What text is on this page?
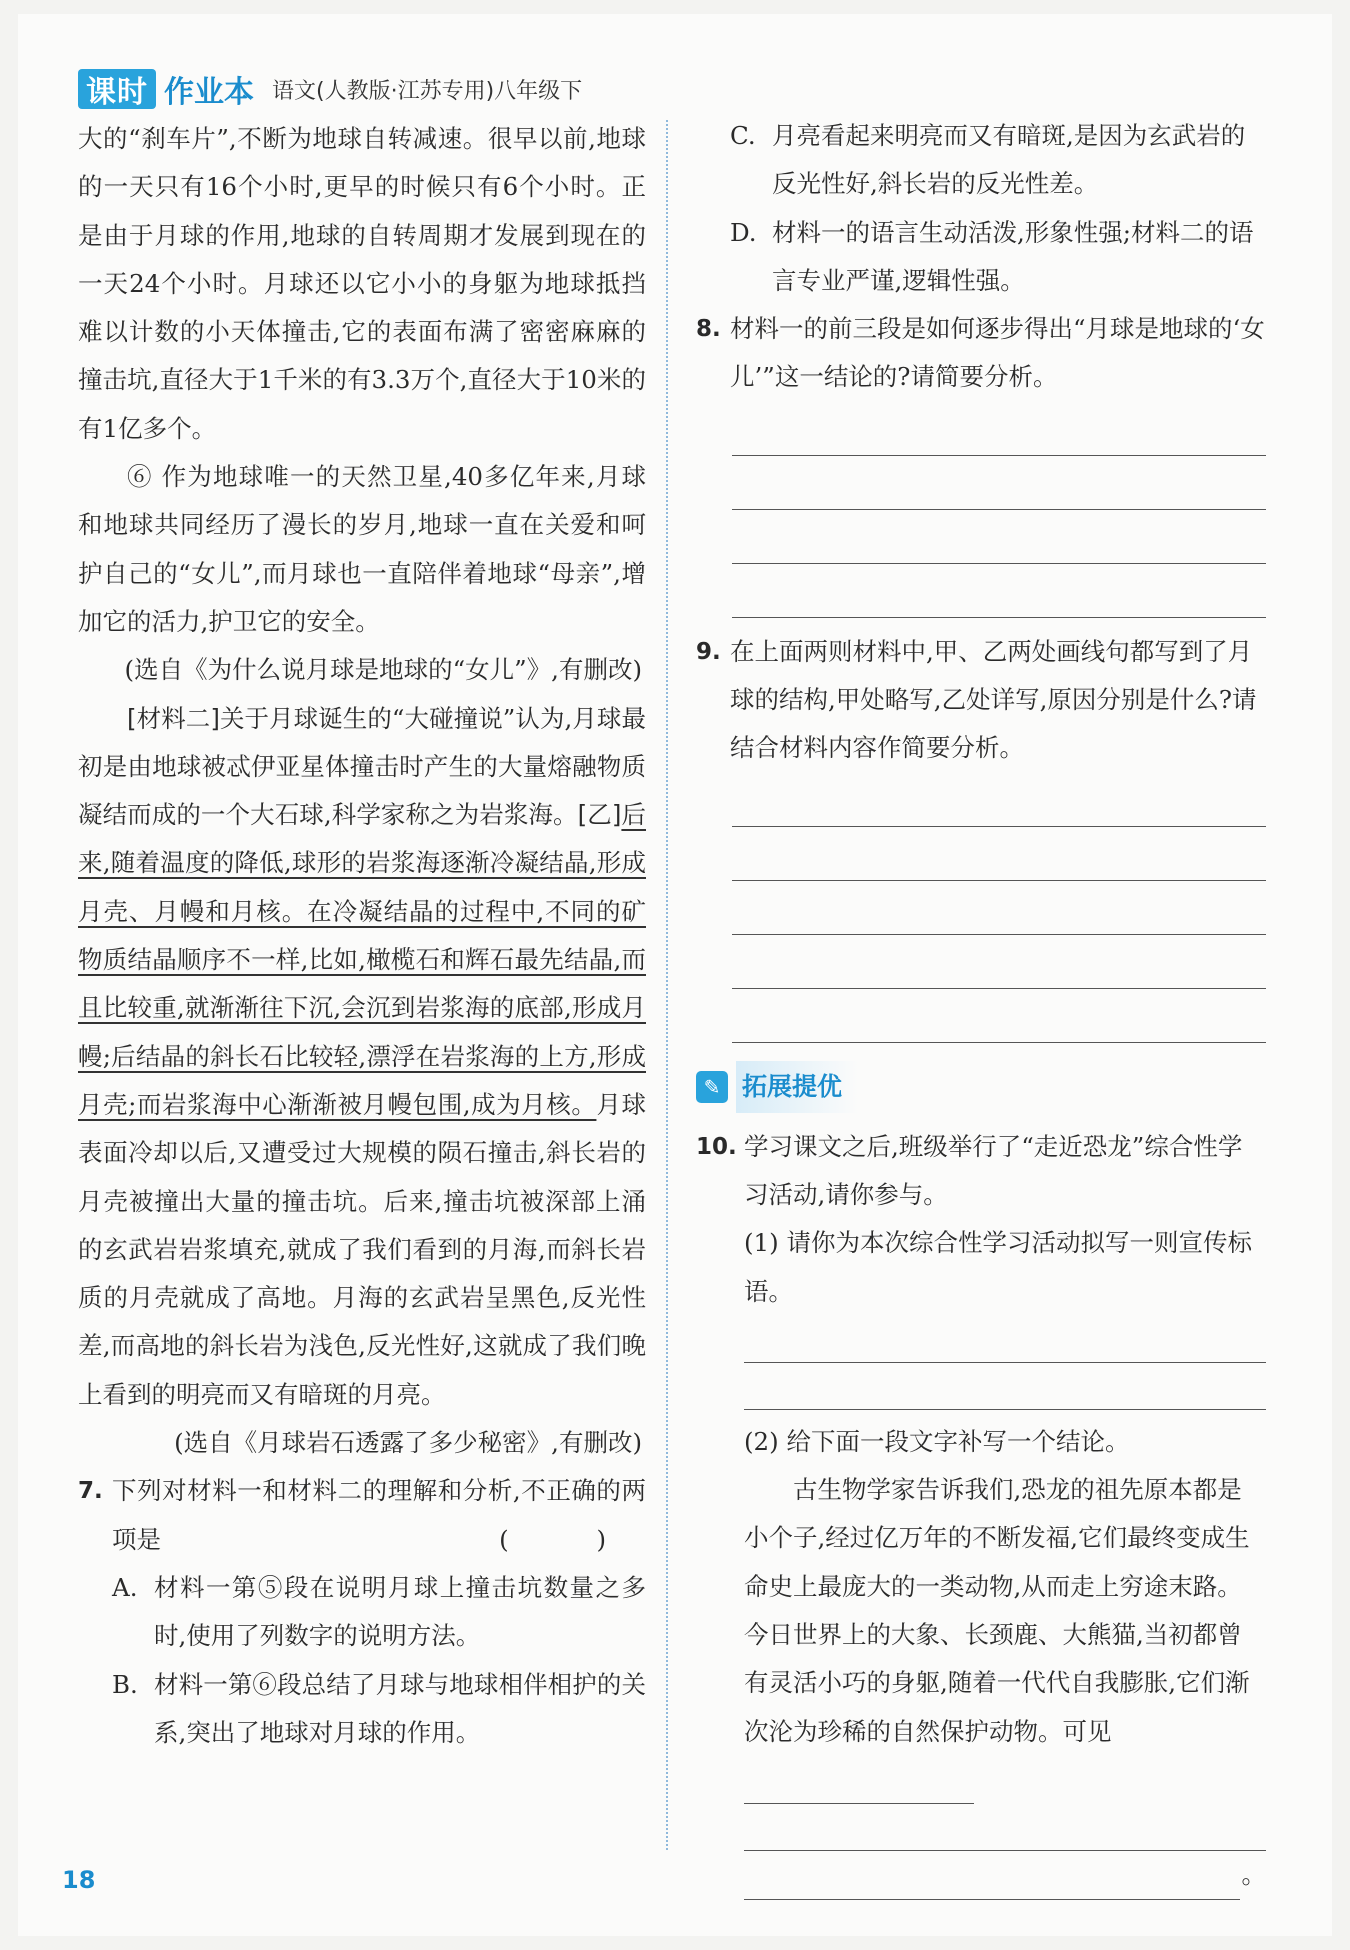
课时 作业本 语文(人教版·江苏专用)八年级下

大的“刹车片”,不断为地球自转减速。很早以前,地球的一天只有16个小时,更早的时候只有6个小时。正是由于月球的作用,地球的自转周期才发展到现在的一天24个小时。月球还以它小小的身躯为地球抵挡难以计数的小天体撞击,它的表面布满了密密麻麻的撞击坑,直径大于1千米的有3.3万个,直径大于10米的有1亿多个。

⑥ 作为地球唯一的天然卫星,40多亿年来,月球和地球共同经历了漫长的岁月,地球一直在关爱和呵护自己的“女儿”,而月球也一直陪伴着地球“母亲”,增加它的活力,护卫它的安全。

(选自《为什么说月球是地球的“女儿”》,有删改)

[材料二]关于月球诞生的“大碰撞说”认为,月球最初是由地球被忒伊亚星体撞击时产生的大量熔融物质凝结而成的一个大石球,科学家称之为岩浆海。[乙]后来,随着温度的降低,球形的岩浆海逐渐冷凝结晶,形成月壳、月幔和月核。在冷凝结晶的过程中,不同的矿物质结晶顺序不一样,比如,橄榄石和辉石最先结晶,而且比较重,就渐渐往下沉,会沉到岩浆海的底部,形成月幔;后结晶的斜长石比较轻,漂浮在岩浆海的上方,形成月壳;而岩浆海中心渐渐被月幔包围,成为月核。月球表面冷却以后,又遭受过大规模的陨石撞击,斜长岩的月壳被撞出大量的撞击坑。后来,撞击坑被深部上涌的玄武岩岩浆填充,就成了我们看到的月海,而斜长岩质的月壳就成了高地。月海的玄武岩呈黑色,反光性差,而高地的斜长岩为浅色,反光性好,这就成了我们晚上看到的明亮而又有暗斑的月亮。

(选自《月球岩石透露了多少秘密》,有删改)

7. 下列对材料一和材料二的理解和分析,不正确的两项是	( )
A. 材料一第⑤段在说明月球上撞击坑数量之多时,使用了列数字的说明方法。
B. 材料一第⑥段总结了月球与地球相伴相护的关系,突出了地球对月球的作用。
C. 月亮看起来明亮而又有暗斑,是因为玄武岩的反光性好,斜长岩的反光性差。
D. 材料一的语言生动活泼,形象性强;材料二的语言专业严谨,逻辑性强。
8. 材料一的前三段是如何逐步得出“月球是地球的‘女儿’”这一结论的?请简要分析。
9. 在上面两则材料中,甲、乙两处画线句都写到了月球的结构,甲处略写,乙处详写,原因分别是什么?请结合材料内容作简要分析。
✎ 拓展提优
10. 学习课文之后,班级举行了“走近恐龙”综合性学习活动,请你参与。
(1) 请你为本次综合性学习活动拟写一则宣传标语。
(2) 给下面一段文字补写一个结论。
古生物学家告诉我们,恐龙的祖先原本都是小个子,经过亿万年的不断发福,它们最终变成生命史上最庞大的一类动物,从而走上穷途末路。今日世界上的大象、长颈鹿、大熊猫,当初都曾有灵活小巧的身躯,随着一代代自我膨胀,它们渐次沦为珍稀的自然保护动物。可见
。
18
